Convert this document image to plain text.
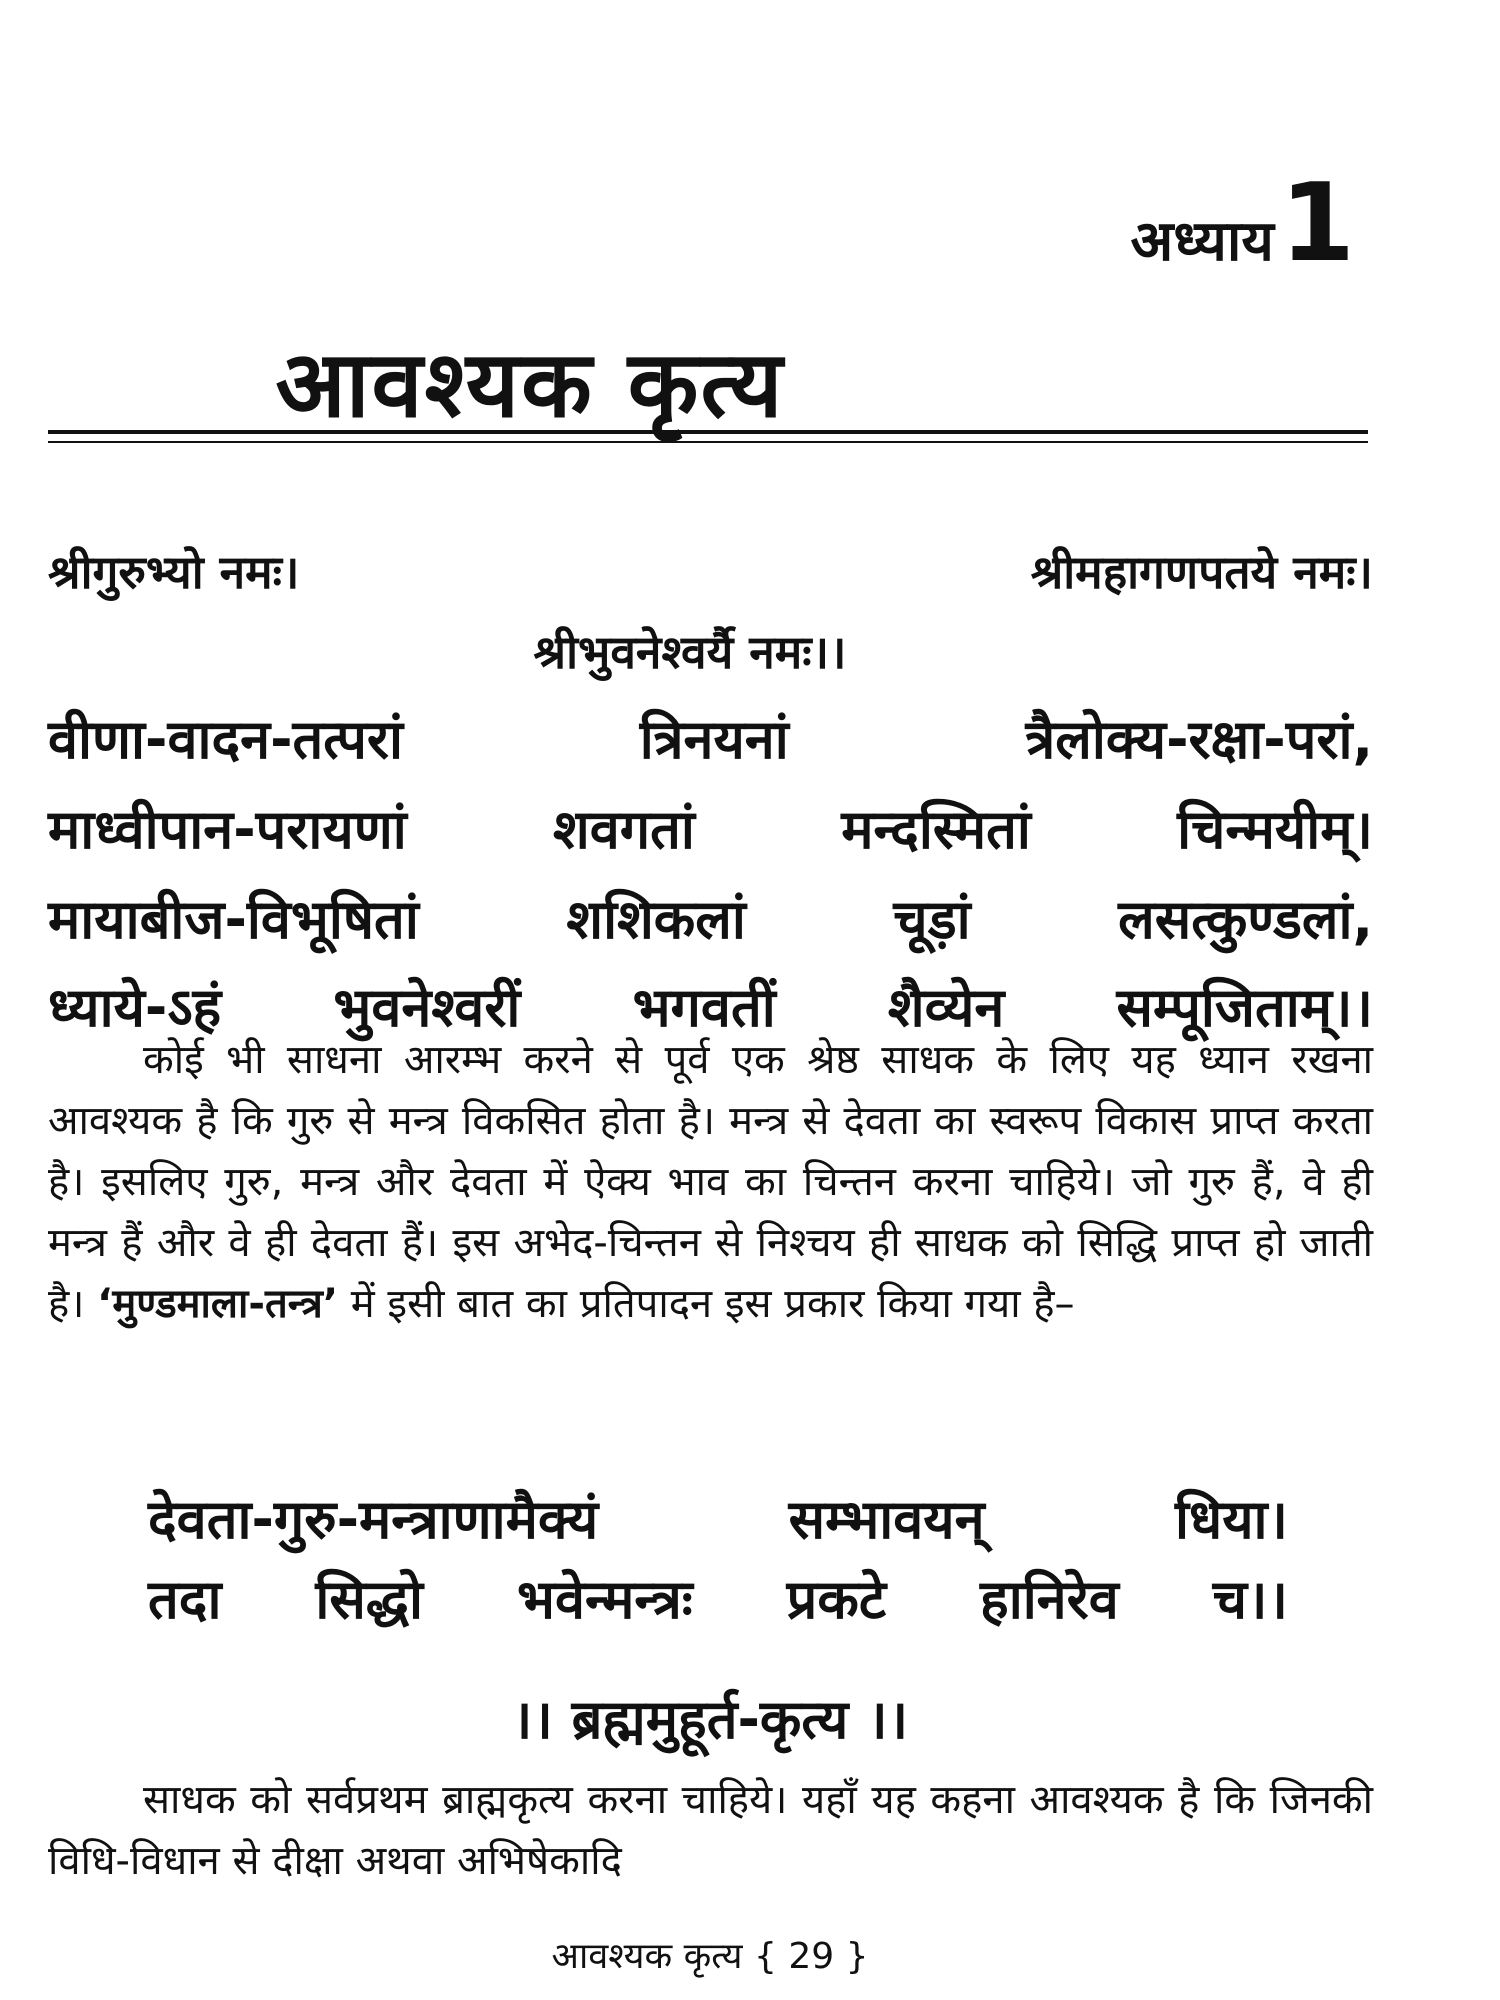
अध्याय 1
आवश्यक कृत्य
श्रीगुरुभ्यो नमः।	श्रीमहागणपतये नमः।
श्रीभुवनेश्वर्यै नमः।।
वीणा-वादन-तत्परां	त्रिनयनां	त्रैलोक्य-रक्षा-परां,
माध्वीपान-परायणां	शवगतां	मन्दस्मितां	चिन्मयीम्।
मायाबीज-विभूषितां	शशिकलां	चूड़ां	लसत्कुण्डलां,
ध्याये-ऽहं भुवनेश्वरीं भगवतीं शैव्येन सम्पूजिताम्।।
कोई भी साधना आरम्भ करने से पूर्व एक श्रेष्ठ साधक के लिए यह ध्यान रखना आवश्यक है कि गुरु से मन्त्र विकसित होता है। मन्त्र से देवता का स्वरूप विकास प्राप्त करता है। इसलिए गुरु, मन्त्र और देवता में ऐक्य भाव का चिन्तन करना चाहिये। जो गुरु हैं, वे ही मन्त्र हैं और वे ही देवता हैं। इस अभेद-चिन्तन से निश्चय ही साधक को सिद्धि प्राप्त हो जाती है। ‘मुण्डमाला-तन्त्र’ में इसी बात का प्रतिपादन इस प्रकार किया गया है–
देवता-गुरु-मन्त्राणामैक्यं	सम्भावयन्	धिया।
तदा सिद्धो भवेन्मन्त्रः प्रकटे हानिरेव च।।
।। ब्रह्ममुहूर्त-कृत्य ।।
साधक को सर्वप्रथम ब्राह्मकृत्य करना चाहिये। यहाँ यह कहना आवश्यक है कि जिनकी विधि-विधान से दीक्षा अथवा अभिषेकादि
आवश्यक कृत्य { 29 }
